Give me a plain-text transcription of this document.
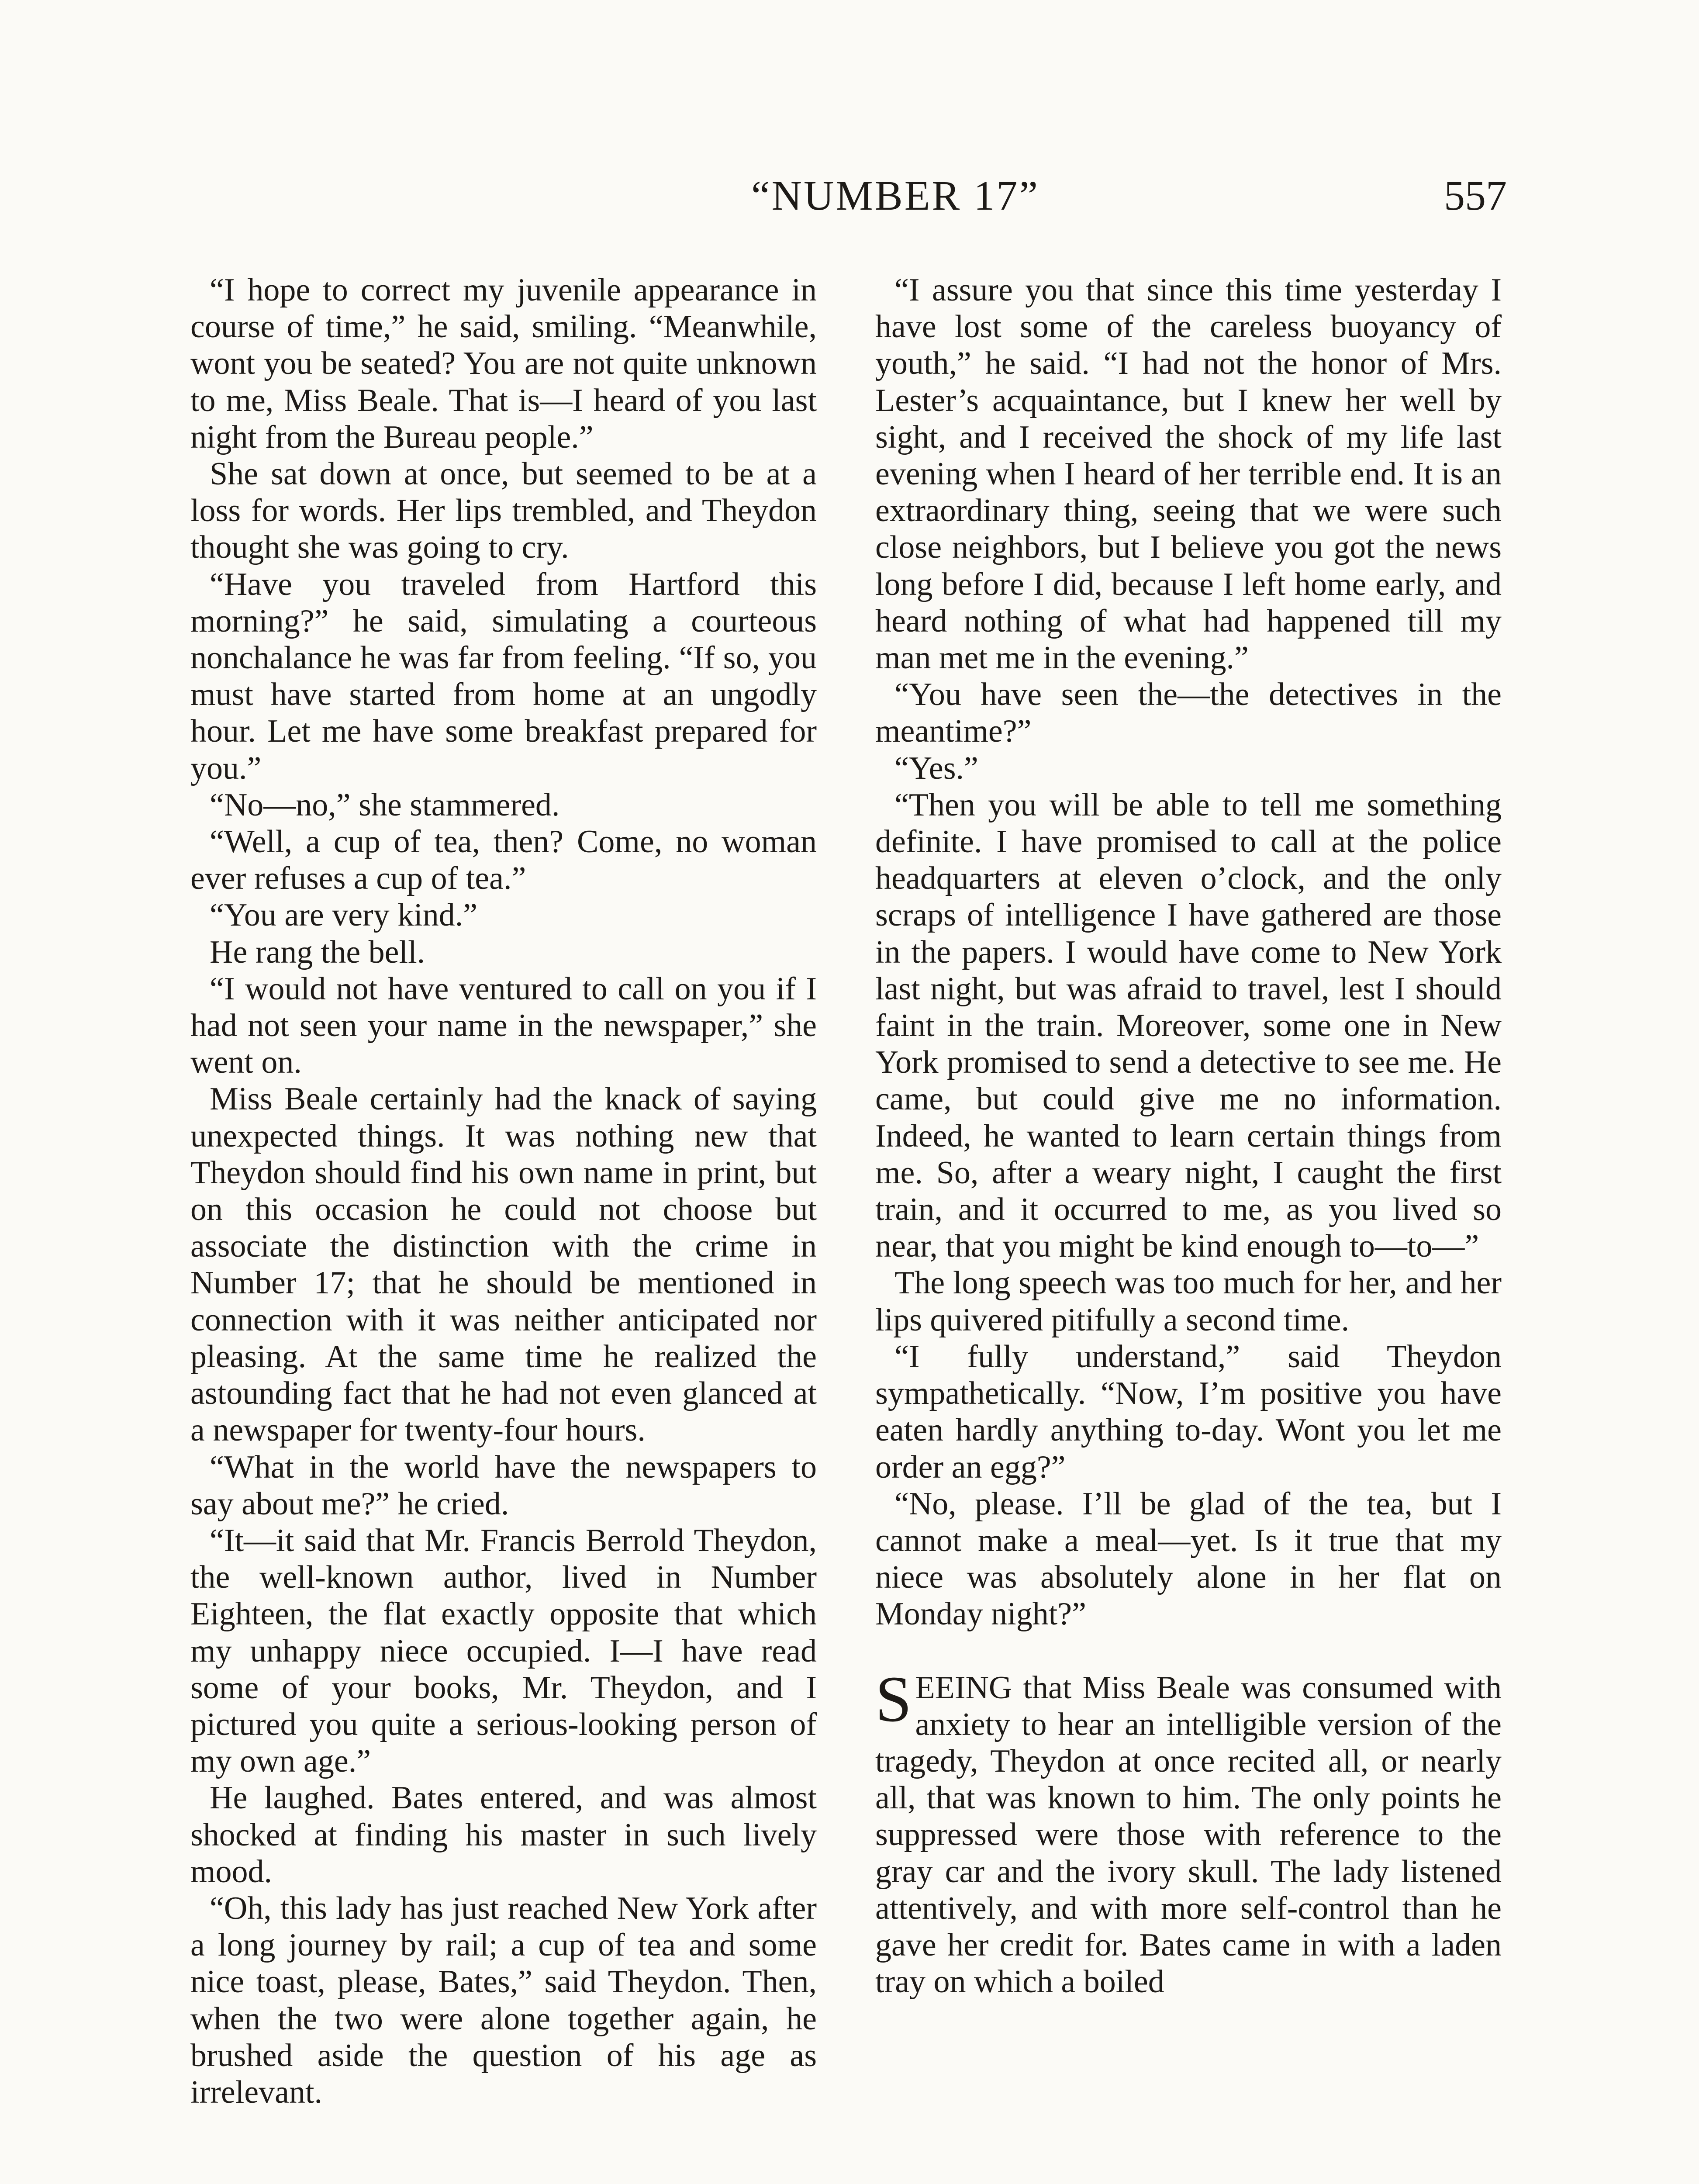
“NUMBER 17”	557

“I hope to correct my juvenile appearance in course of time,” he said, smiling. “Meanwhile, wont you be seated? You are not quite unknown to me, Miss Beale. That is—I heard of you last night from the Bureau people.”

She sat down at once, but seemed to be at a loss for words. Her lips trembled, and Theydon thought she was going to cry.

“Have you traveled from Hartford this morning?” he said, simulating a courteous nonchalance he was far from feeling. “If so, you must have started from home at an ungodly hour. Let me have some breakfast prepared for you.”

“No—no,” she stammered.

“Well, a cup of tea, then? Come, no woman ever refuses a cup of tea.”

“You are very kind.”

He rang the bell.

“I would not have ventured to call on you if I had not seen your name in the newspaper,” she went on.

Miss Beale certainly had the knack of saying unexpected things. It was nothing new that Theydon should find his own name in print, but on this occasion he could not choose but associate the distinction with the crime in Number 17; that he should be mentioned in connection with it was neither anticipated nor pleasing. At the same time he realized the astounding fact that he had not even glanced at a newspaper for twenty-four hours.

“What in the world have the newspapers to say about me?” he cried.

“It—it said that Mr. Francis Berrold Theydon, the well-known author, lived in Number Eighteen, the flat exactly opposite that which my unhappy niece occupied. I—I have read some of your books, Mr. Theydon, and I pictured you quite a serious-looking person of my own age.”

He laughed. Bates entered, and was almost shocked at finding his master in such lively mood.

“Oh, this lady has just reached New York after a long journey by rail; a cup of tea and some nice toast, please, Bates,” said Theydon. Then, when the two were alone together again, he brushed aside the question of his age as irrelevant.

“I assure you that since this time yesterday I have lost some of the careless buoyancy of youth,” he said. “I had not the honor of Mrs. Lester’s acquaintance, but I knew her well by sight, and I received the shock of my life last evening when I heard of her terrible end. It is an extraordinary thing, seeing that we were such close neighbors, but I believe you got the news long before I did, because I left home early, and heard nothing of what had happened till my man met me in the evening.”

“You have seen the—the detectives in the meantime?”

“Yes.”

“Then you will be able to tell me something definite. I have promised to call at the police headquarters at eleven o’clock, and the only scraps of intelligence I have gathered are those in the papers. I would have come to New York last night, but was afraid to travel, lest I should faint in the train. Moreover, some one in New York promised to send a detective to see me. He came, but could give me no information. Indeed, he wanted to learn certain things from me. So, after a weary night, I caught the first train, and it occurred to me, as you lived so near, that you might be kind enough to—to—”

The long speech was too much for her, and her lips quivered pitifully a second time.

“I fully understand,” said Theydon sympathetically. “Now, I’m positive you have eaten hardly anything to-day. Wont you let me order an egg?”

“No, please. I’ll be glad of the tea, but I cannot make a meal—yet. Is it true that my niece was absolutely alone in her flat on Monday night?”

SEEING that Miss Beale was consumed with anxiety to hear an intelligible version of the tragedy, Theydon at once recited all, or nearly all, that was known to him. The only points he suppressed were those with reference to the gray car and the ivory skull. The lady listened attentively, and with more self-control than he gave her credit for. Bates came in with a laden tray on which a boiled
